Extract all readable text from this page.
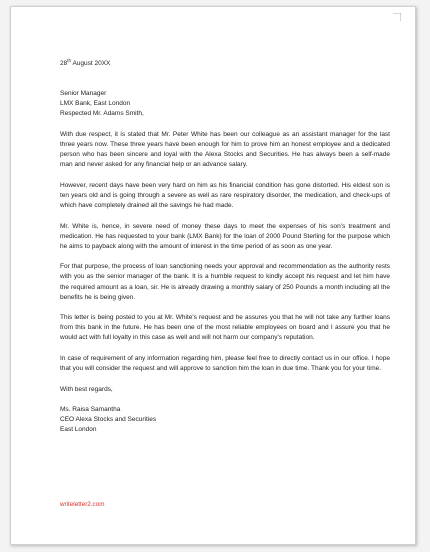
28th August 20XX
Senior Manager
LMX Bank, East London
Respected Mr. Adams Smith,

With due respect, it is stated that Mr. Peter White has been our colleague as an assistant manager for the last three years now. These three years have been enough for him to prove him an honest employee and a dedicated person who has been sincere and loyal with the Alexa Stocks and Securities. He has always been a self-made man and never asked for any financial help or an advance salary.

However, recent days have been very hard on him as his financial condition has gone distorted. His eldest son is ten years old and is going through a severe as well as rare respiratory disorder, the medication, and check-ups of which have completely drained all the savings he had made.

Mr. White is, hence, in severe need of money these days to meet the expenses of his son's treatment and medication. He has requested to your bank (LMX Bank) for the loan of 2000 Pound Sterling for the purpose which he aims to payback along with the amount of interest in the time period of as soon as one year.

For that purpose, the process of loan sanctioning needs your approval and recommendation as the authority rests with you as the senior manager of the bank. It is a humble request to kindly accept his request and let him have the required amount as a loan, sir. He is already drawing a monthly salary of 250 Pounds a month including all the benefits he is being given.

This letter is being posted to you at Mr. White's request and he assures you that he will not take any further loans from this bank in the future. He has been one of the most reliable employees on board and I assure you that he would act with full loyalty in this case as well and will not harm our company's reputation.

In case of requirement of any information regarding him, please feel free to directly contact us in our office. I hope that you will consider the request and will approve to sanction him the loan in due time. Thank you for your time.

With best regards,
Ms. Raisa Samantha
CEO Alexa Stocks and Securities
East London
writeletter2.com
